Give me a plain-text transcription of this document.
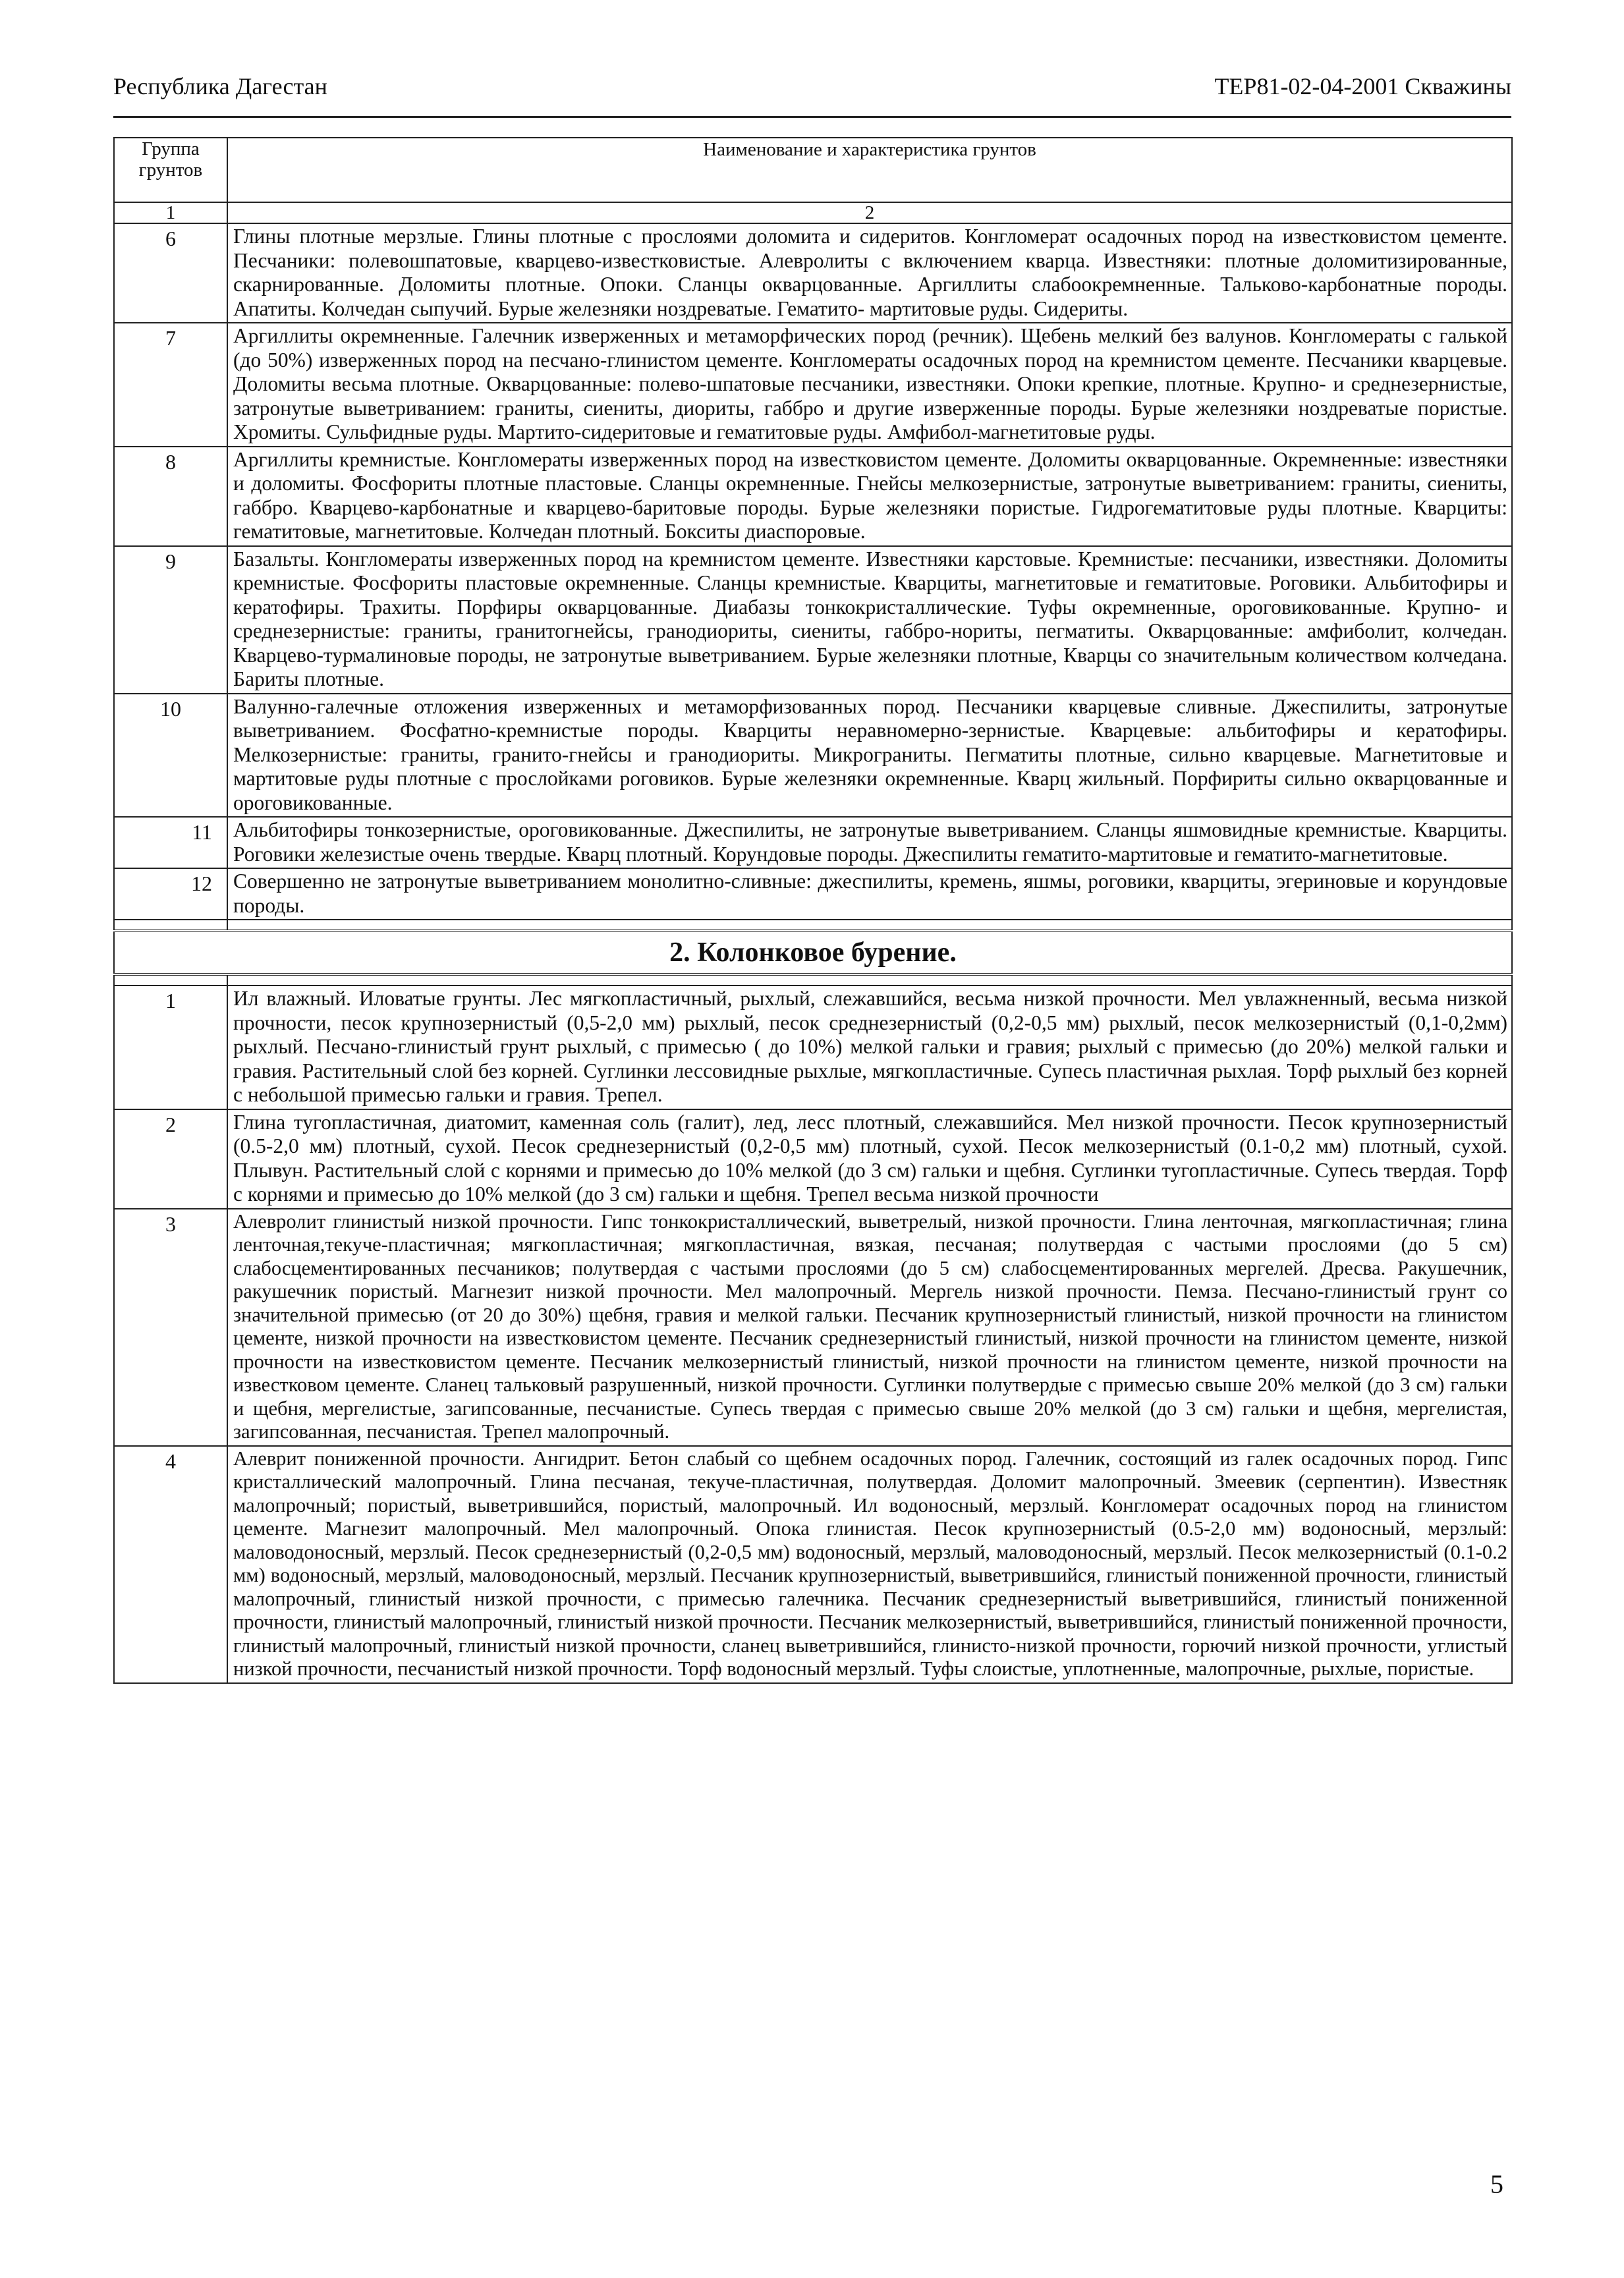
Республика Дагестан	ТЕР81-02-04-2001 Скважины
Группа грунтов	Наименование и характеристика грунтов
1	2
6	Глины плотные мерзлые. Глины плотные с прослоями доломита и сидеритов. Конгломерат осадочных пород на известковистом цементе. Песчаники: полевошпатовые, кварцево-известковистые. Алевролиты с включением кварца. Известняки: плотные доломитизированные, скарнированные. Доломиты плотные. Опоки. Сланцы окварцованные. Аргиллиты слабоокремненные. Тальково-карбонатные породы. Апатиты. Колчедан сыпучий. Бурые железняки ноздреватые. Гематито- мартитовые руды. Сидериты.
7	Аргиллиты окремненные. Галечник изверженных и метаморфических пород (речник). Щебень мелкий без валунов. Конгломераты с галькой (до 50%) изверженных пород на песчано-глинистом цементе. Конгломераты осадочных пород на кремнистом цементе. Песчаники кварцевые. Доломиты весьма плотные. Окварцованные: полево-шпатовые песчаники, известняки. Опоки крепкие, плотные. Крупно- и среднезернистые, затронутые выветриванием: граниты, сиениты, диориты, габбро и другие изверженные породы. Бурые железняки ноздреватые пористые. Хромиты. Сульфидные руды. Мартито-сидеритовые и гематитовые руды. Амфибол-магнетитовые руды.
8	Аргиллиты кремнистые. Конгломераты изверженных пород на известковистом цементе. Доломиты окварцованные. Окремненные: известняки и доломиты. Фосфориты плотные пластовые. Сланцы окремненные. Гнейсы мелкозернистые, затронутые выветриванием: граниты, сиениты, габбро. Кварцево-карбонатные и кварцево-баритовые породы. Бурые железняки пористые. Гидрогематитовые руды плотные. Кварциты: гематитовые, магнетитовые. Колчедан плотный. Бокситы диаспоровые.
9	Базальты. Конгломераты изверженных пород на кремнистом цементе. Известняки карстовые. Кремнистые: песчаники, известняки. Доломиты кремнистые. Фосфориты пластовые окремненные. Сланцы кремнистые. Кварциты, магнетитовые и гематитовые. Роговики. Альбитофиры и кератофиры. Трахиты. Порфиры окварцованные. Диабазы тонкокристаллические. Туфы окремненные, ороговикованные. Крупно- и среднезернистые: граниты, гранитогнейсы, гранодиориты, сиениты, габбро-нориты, пегматиты. Окварцованные: амфиболит, колчедан. Кварцево-турмалиновые породы, не затронутые выветриванием. Бурые железняки плотные, Кварцы со значительным количеством колчедана. Бариты плотные.
10	Валунно-галечные отложения изверженных и метаморфизованных пород. Песчаники кварцевые сливные. Джеспилиты, затронутые выветриванием. Фосфатно-кремнистые породы. Кварциты неравномерно-зернистые. Кварцевые: альбитофиры и кератофиры. Мелкозернистые: граниты, гранито-гнейсы и гранодиориты. Микрограниты. Пегматиты плотные, сильно кварцевые. Магнетитовые и мартитовые руды плотные с прослойками роговиков. Бурые железняки окремненные. Кварц жильный. Порфириты сильно окварцованные и ороговикованные.
11	Альбитофиры тонкозернистые, ороговикованные. Джеспилиты, не затронутые выветриванием. Сланцы яшмовидные кремнистые. Кварциты. Роговики железистые очень твердые. Кварц плотный. Корундовые породы. Джеспилиты гематито-мартитовые и гематито-магнетитовые.
12	Совершенно не затронутые выветриванием монолитно-сливные: джеспилиты, кремень, яшмы, роговики, кварциты, эгериновые и корундовые породы.

2. Колонковое бурение.	

1	Ил влажный. Иловатые грунты. Лес мягкопластичный, рыхлый, слежавшийся, весьма низкой прочности. Мел увлажненный, весьма низкой прочности, песок крупнозернистый (0,5-2,0 мм) рыхлый, песок среднезернистый (0,2-0,5 мм) рыхлый, песок мелкозернистый (0,1-0,2мм) рыхлый. Песчано-глинистый грунт рыхлый, с примесью ( до 10%) мелкой гальки и гравия; рыхлый с примесью (до 20%) мелкой гальки и гравия. Растительный слой без корней. Суглинки лессовидные рыхлые, мягкопластичные. Супесь пластичная рыхлая. Торф рыхлый без корней с небольшой примесью гальки и гравия. Трепел.
2	Глина тугопластичная, диатомит, каменная соль (галит), лед, лесс плотный, слежавшийся. Мел низкой прочности. Песок крупнозернистый (0.5-2,0 мм) плотный, сухой. Песок среднезернистый (0,2-0,5 мм) плотный, сухой. Песок мелкозернистый (0.1-0,2 мм) плотный, сухой. Плывун. Растительный слой с корнями и примесью до 10% мелкой (до 3 см) гальки и щебня. Суглинки тугопластичные. Супесь твердая. Торф с корнями и примесью до 10% мелкой (до 3 см) гальки и щебня. Трепел весьма низкой прочности
3	Алевролит глинистый низкой прочности. Гипс тонкокристаллический, выветрелый, низкой прочности. Глина ленточная, мягкопластичная; глина ленточная,текуче-пластичная; мягкопластичная; мягкопластичная, вязкая, песчаная; полутвердая с частыми прослоями (до 5 см) слабосцементированных песчаников; полутвердая с частыми прослоями (до 5 см) слабосцементированных мергелей. Дресва. Ракушечник, ракушечник пористый. Магнезит низкой прочности. Мел малопрочный. Мергель низкой прочности. Пемза. Песчано-глинистый грунт со значительной примесью (от 20 до 30%) щебня, гравия и мелкой гальки. Песчаник крупнозернистый глинистый, низкой прочности на глинистом цементе, низкой прочности на известковистом цементе. Песчаник среднезернистый глинистый, низкой прочности на глинистом цементе, низкой прочности на известковистом цементе. Песчаник мелкозернистый глинистый, низкой прочности на глинистом цементе, низкой прочности на известковом цементе. Сланец тальковый разрушенный, низкой прочности. Суглинки полутвердые с примесью свыше 20% мелкой (до 3 см) гальки и щебня, мергелистые, загипсованные, песчанистые. Супесь твердая с примесью свыше 20% мелкой (до 3 см) гальки и щебня, мергелистая, загипсованная, песчанистая. Трепел малопрочный.
4	Алеврит пониженной прочности. Ангидрит. Бетон слабый со щебнем осадочных пород. Галечник, состоящий из галек осадочных пород. Гипс кристаллический малопрочный. Глина песчаная, текуче-пластичная, полутвердая. Доломит малопрочный. Змеевик (серпентин). Известняк малопрочный; пористый, выветрившийся, пористый, малопрочный. Ил водоносный, мерзлый. Конгломерат осадочных пород на глинистом цементе. Магнезит малопрочный. Мел малопрочный. Опока глинистая. Песок крупнозернистый (0.5-2,0 мм) водоносный, мерзлый: маловодоносный, мерзлый. Песок среднезернистый (0,2-0,5 мм) водоносный, мерзлый, маловодоносный, мерзлый. Песок мелкозернистый (0.1-0.2 мм) водоносный, мерзлый, маловодоносный, мерзлый. Песчаник крупнозернистый, выветрившийся, глинистый пониженной прочности, глинистый малопрочный, глинистый низкой прочности, с примесью галечника. Песчаник среднезернистый выветрившийся, глинистый пониженной прочности, глинистый малопрочный, глинистый низкой прочности. Песчаник мелкозернистый, выветрившийся, глинистый пониженной прочности, глинистый малопрочный, глинистый низкой прочности, сланец выветрившийся, глинисто-низкой прочности, горючий низкой прочности, углистый низкой прочности, песчанистый низкой прочности. Торф водоносный мерзлый. Туфы слоистые, уплотненные, малопрочные, рыхлые, пористые.
5
